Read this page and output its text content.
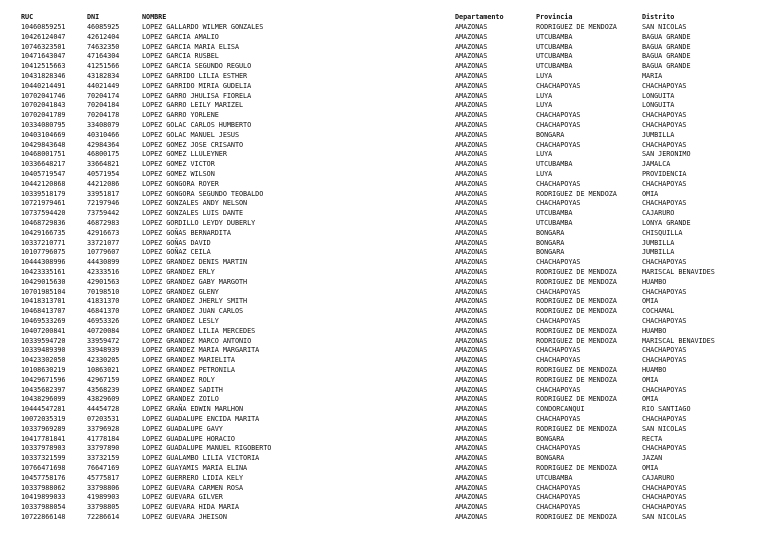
RUC	DNI	NOMBRE	Departamento	Provincia	Distrito
10460859251	46085925	LOPEZ GALLARDO WILMER GONZALES	AMAZONAS	RODRIGUEZ DE MENDOZA	SAN NICOLAS
10426124047	42612404	LOPEZ GARCIA AMALIO	AMAZONAS	UTCUBAMBA	BAGUA GRANDE
10746323501	74632350	LOPEZ GARCIA MARIA ELISA	AMAZONAS	UTCUBAMBA	BAGUA GRANDE
10471643047	47164304	LOPEZ GARCIA RUSBEL	AMAZONAS	UTCUBAMBA	BAGUA GRANDE
10412515663	41251566	LOPEZ GARCIA SEGUNDO REGULO	AMAZONAS	UTCUBAMBA	BAGUA GRANDE
10431828346	43182834	LOPEZ GARRIDO LILIA ESTHER	AMAZONAS	LUYA	MARIA
10440214491	44021449	LOPEZ GARRIDO MIRIA GUDELIA	AMAZONAS	CHACHAPOYAS	CHACHAPOYAS
10702041746	70204174	LOPEZ GARRO JHULISA FIORELA	AMAZONAS	LUYA	LONGUITA
10702041843	70204184	LOPEZ GARRO LEILY MARIZEL	AMAZONAS	LUYA	LONGUITA
10702041789	70204178	LOPEZ GARRO YORLENE	AMAZONAS	CHACHAPOYAS	CHACHAPOYAS
10334080795	33408079	LOPEZ GOLAC CARLOS HUMBERTO	AMAZONAS	CHACHAPOYAS	CHACHAPOYAS
10403104669	40310466	LOPEZ GOLAC MANUEL JESUS	AMAZONAS	BONGARA	JUMBILLA
10429843648	42984364	LOPEZ GOMEZ JOSE CRISANTO	AMAZONAS	CHACHAPOYAS	CHACHAPOYAS
10468001751	46800175	LOPEZ GOMEZ LLULEYNER	AMAZONAS	LUYA	SAN JERONIMO
10336648217	33664821	LOPEZ GOMEZ VICTOR	AMAZONAS	UTCUBAMBA	JAMALCA
10405719547	40571954	LOPEZ GOMEZ WILSON	AMAZONAS	LUYA	PROVIDENCIA
10442120868	44212086	LOPEZ GONGORA ROYER	AMAZONAS	CHACHAPOYAS	CHACHAPOYAS
10339518179	33951817	LOPEZ GONGORA SEGUNDO TEOBALDO	AMAZONAS	RODRIGUEZ DE MENDOZA	OMIA
10721979461	72197946	LOPEZ GONZALES ANDY NELSON	AMAZONAS	CHACHAPOYAS	CHACHAPOYAS
10737594420	73759442	LOPEZ GONZALES LUIS DANTE	AMAZONAS	UTCUBAMBA	CAJARURO
10468729836	46872983	LOPEZ GORDILLO LEYDY DUBERLY	AMAZONAS	UTCUBAMBA	LONYA GRANDE
10429166735	42916673	LOPEZ GOÑAS BERNARDITA	AMAZONAS	BONGARA	CHISQUILLA
10337210771	33721077	LOPEZ GOÑAS DAVID	AMAZONAS	BONGARA	JUMBILLA
10107796075	10779607	LOPEZ GOÑAZ CEILA	AMAZONAS	BONGARA	JUMBILLA
10444308996	44430899	LOPEZ GRANDEZ DENIS MARTIN	AMAZONAS	CHACHAPOYAS	CHACHAPOYAS
10423335161	42333516	LOPEZ GRANDEZ ERLY	AMAZONAS	RODRIGUEZ DE MENDOZA	MARISCAL BENAVIDES
10429015630	42901563	LOPEZ GRANDEZ GABY MARGOTH	AMAZONAS	RODRIGUEZ DE MENDOZA	HUAMBO
10701985104	70198510	LOPEZ GRANDEZ GLENY	AMAZONAS	CHACHAPOYAS	CHACHAPOYAS
10418313701	41831370	LOPEZ GRANDEZ JHERLY SMITH	AMAZONAS	RODRIGUEZ DE MENDOZA	OMIA
10468413707	46841370	LOPEZ GRANDEZ JUAN CARLOS	AMAZONAS	RODRIGUEZ DE MENDOZA	COCHAMAL
10469533269	46953326	LOPEZ GRANDEZ LESLY	AMAZONAS	CHACHAPOYAS	CHACHAPOYAS
10407200841	40720084	LOPEZ GRANDEZ LILIA MERCEDES	AMAZONAS	RODRIGUEZ DE MENDOZA	HUAMBO
10339594720	33959472	LOPEZ GRANDEZ MARCO ANTONIO	AMAZONAS	RODRIGUEZ DE MENDOZA	MARISCAL BENAVIDES
10339489390	33948939	LOPEZ GRANDEZ MARIA MARGARITA	AMAZONAS	CHACHAPOYAS	CHACHAPOYAS
10423302050	42330205	LOPEZ GRANDEZ MARIELITA	AMAZONAS	CHACHAPOYAS	CHACHAPOYAS
10108630219	10863021	LOPEZ GRANDEZ PETRONILA	AMAZONAS	RODRIGUEZ DE MENDOZA	HUAMBO
10429671596	42967159	LOPEZ GRANDEZ ROLY	AMAZONAS	RODRIGUEZ DE MENDOZA	OMIA
10435682397	43568239	LOPEZ GRANDEZ SADITH	AMAZONAS	CHACHAPOYAS	CHACHAPOYAS
10438296099	43829609	LOPEZ GRANDEZ ZOILO	AMAZONAS	RODRIGUEZ DE MENDOZA	OMIA
10444547281	44454728	LOPEZ GRAÑA EDWIN MARLHON	AMAZONAS	CONDORCANQUI	RIO SANTIAGO
10072035319	07203531	LOPEZ GUADALUPE ENCIDA MARITA	AMAZONAS	CHACHAPOYAS	CHACHAPOYAS
10337969289	33796928	LOPEZ GUADALUPE GAVY	AMAZONAS	RODRIGUEZ DE MENDOZA	SAN NICOLAS
10417781841	41778184	LOPEZ GUADALUPE HORACIO	AMAZONAS	BONGARA	RECTA
10337978903	33797890	LOPEZ GUADALUPE MANUEL RIGOBERTO	AMAZONAS	CHACHAPOYAS	CHACHAPOYAS
10337321599	33732159	LOPEZ GUALAMBO LILIA VICTORIA	AMAZONAS	BONGARA	JAZAN
10766471698	76647169	LOPEZ GUAYAMIS MARIA ELINA	AMAZONAS	RODRIGUEZ DE MENDOZA	OMIA
10457758176	45775817	LOPEZ GUERRERO LIDIA KELY	AMAZONAS	UTCUBAMBA	CAJARURO
10337988062	33798806	LOPEZ GUEVARA CARMEN ROSA	AMAZONAS	CHACHAPOYAS	CHACHAPOYAS
10419899033	41989903	LOPEZ GUEVARA GILVER	AMAZONAS	CHACHAPOYAS	CHACHAPOYAS
10337988054	33798805	LOPEZ GUEVARA HIDA MARIA	AMAZONAS	CHACHAPOYAS	CHACHAPOYAS
10722866148	72286614	LOPEZ GUEVARA JHEISON	AMAZONAS	RODRIGUEZ DE MENDOZA	SAN NICOLAS
